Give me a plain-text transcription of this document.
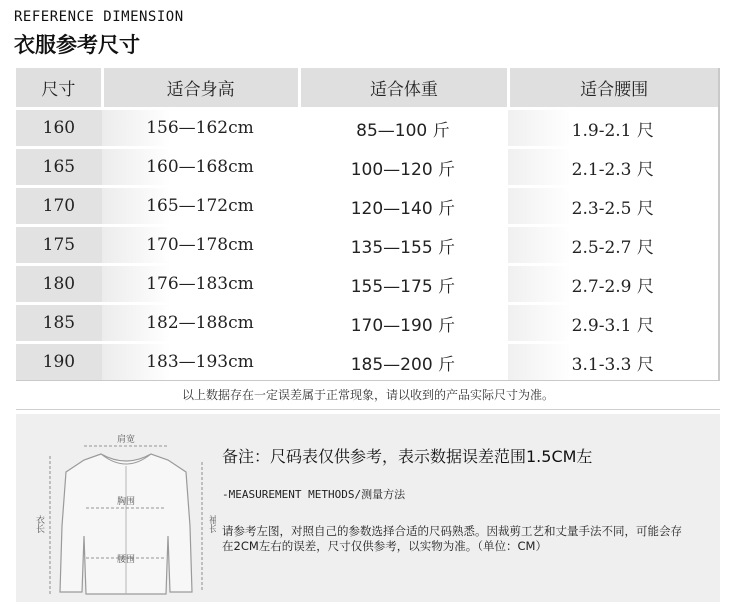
REFERENCE DIMENSION
衣服参考尺寸
尺寸	适合身高	适合体重	适合腰围
160	156—162cm	85—100 斤	1.9-2.1 尺
165	160—168cm	100—120 斤	2.1-2.3 尺
170	165—172cm	120—140 斤	2.3-2.5 尺
175	170—178cm	135—155 斤	2.5-2.7 尺
180	176—183cm	155—175 斤	2.7-2.9 尺
185	182—188cm	170—190 斤	2.9-3.1 尺
190	183—193cm	185—200 斤	3.1-3.3 尺
以上数据存在一定误差属于正常现象，请以收到的产品实际尺寸为准。
肩宽
胸围
腰围
衣长	袖长
备注：尺码表仅供参考，表示数据误差范围1.5CM左
-MEASUREMENT METHODS/测量方法
请参考左图，对照自己的参数选择合适的尺码熟悉。因裁剪工艺和丈量手法不同，可能会存在2CM左右的误差，尺寸仅供参考，以实物为准。（单位：CM）
